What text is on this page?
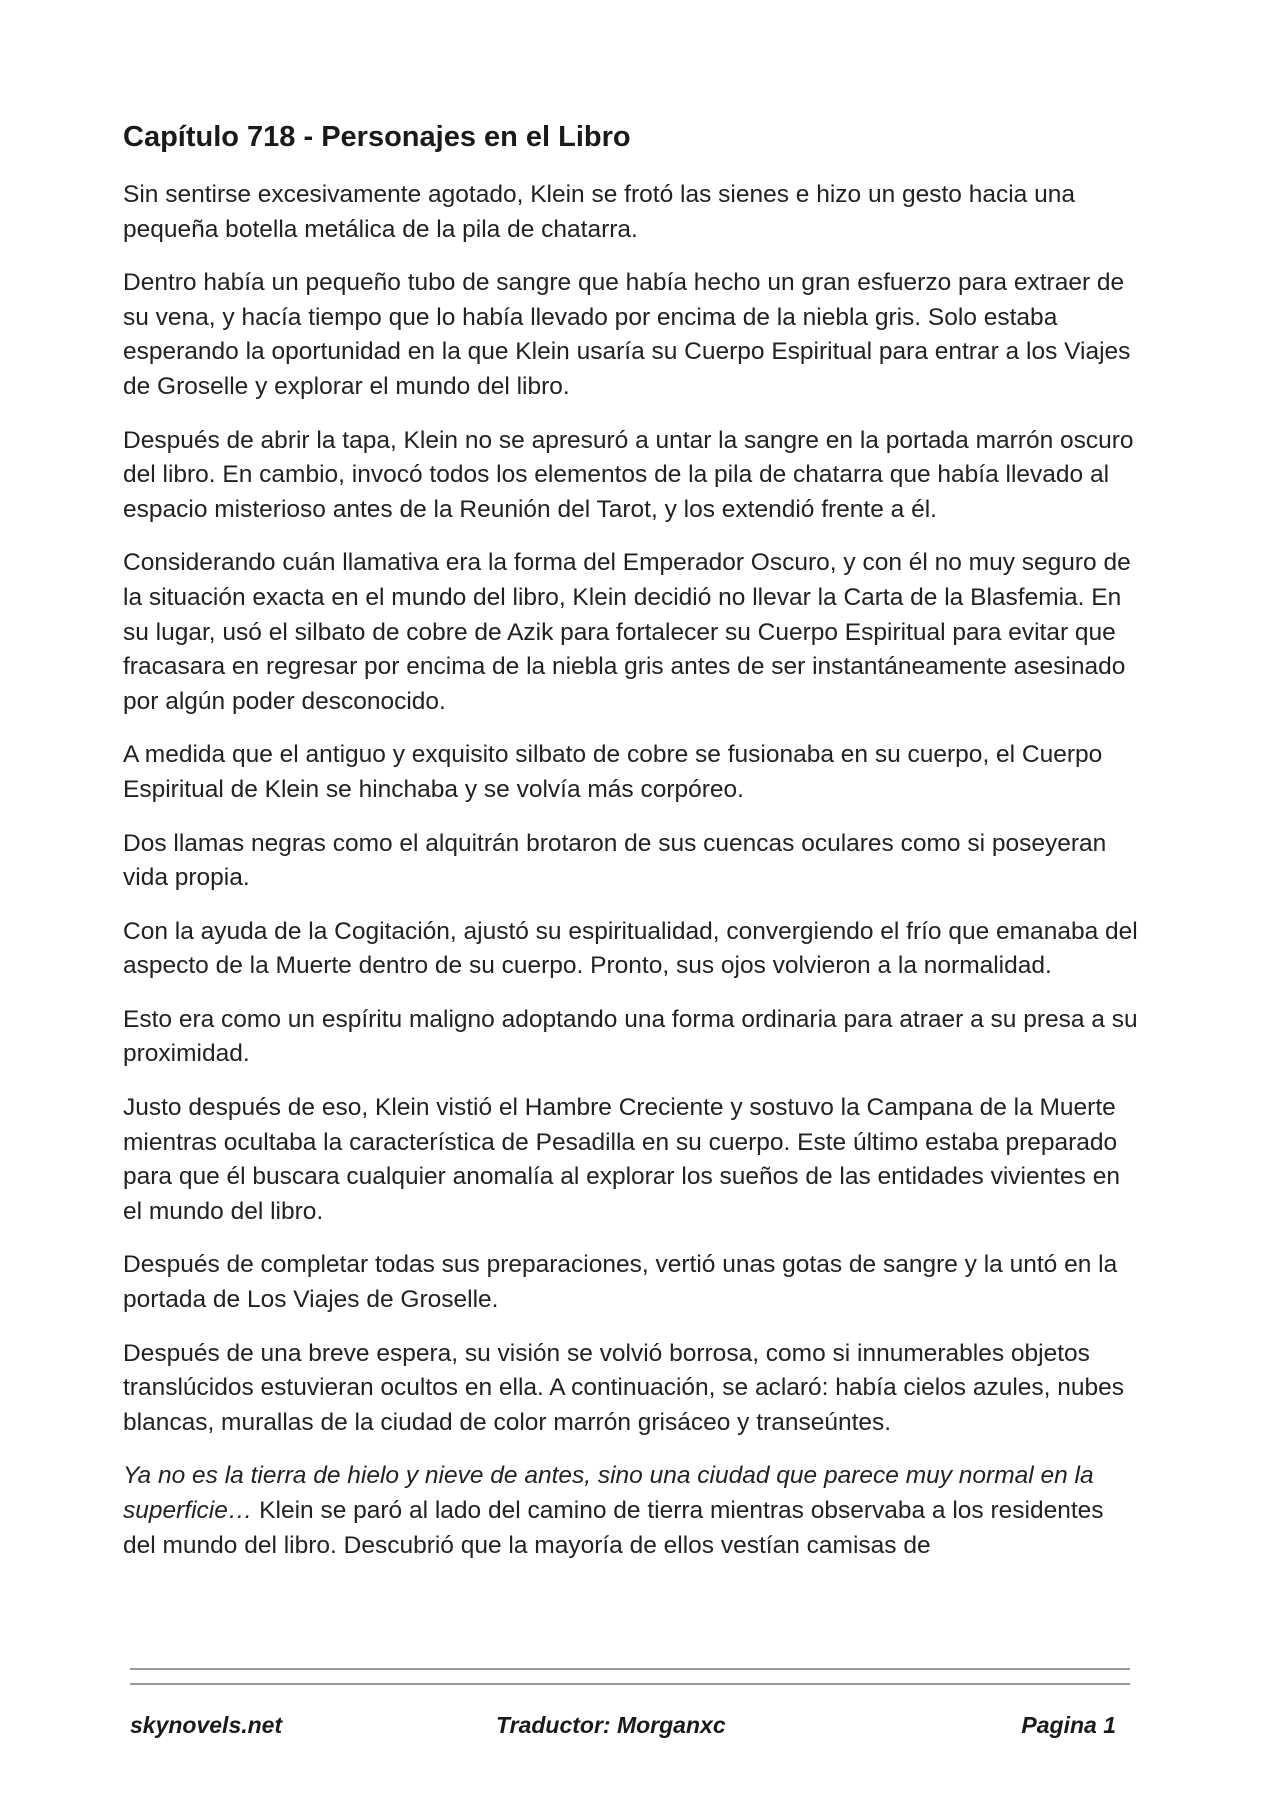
Capítulo 718 - Personajes en el Libro

Sin sentirse excesivamente agotado, Klein se frotó las sienes e hizo un gesto hacia una pequeña botella metálica de la pila de chatarra.

Dentro había un pequeño tubo de sangre que había hecho un gran esfuerzo para extraer de su vena, y hacía tiempo que lo había llevado por encima de la niebla gris. Solo estaba esperando la oportunidad en la que Klein usaría su Cuerpo Espiritual para entrar a los Viajes de Groselle y explorar el mundo del libro.

Después de abrir la tapa, Klein no se apresuró a untar la sangre en la portada marrón oscuro del libro. En cambio, invocó todos los elementos de la pila de chatarra que había llevado al espacio misterioso antes de la Reunión del Tarot, y los extendió frente a él.

Considerando cuán llamativa era la forma del Emperador Oscuro, y con él no muy seguro de la situación exacta en el mundo del libro, Klein decidió no llevar la Carta de la Blasfemia. En su lugar, usó el silbato de cobre de Azik para fortalecer su Cuerpo Espiritual para evitar que fracasara en regresar por encima de la niebla gris antes de ser instantáneamente asesinado por algún poder desconocido.

A medida que el antiguo y exquisito silbato de cobre se fusionaba en su cuerpo, el Cuerpo Espiritual de Klein se hinchaba y se volvía más corpóreo.

Dos llamas negras como el alquitrán brotaron de sus cuencas oculares como si poseyeran vida propia.

Con la ayuda de la Cogitación, ajustó su espiritualidad, convergiendo el frío que emanaba del aspecto de la Muerte dentro de su cuerpo. Pronto, sus ojos volvieron a la normalidad.

Esto era como un espíritu maligno adoptando una forma ordinaria para atraer a su presa a su proximidad.

Justo después de eso, Klein vistió el Hambre Creciente y sostuvo la Campana de la Muerte mientras ocultaba la característica de Pesadilla en su cuerpo. Este último estaba preparado para que él buscara cualquier anomalía al explorar los sueños de las entidades vivientes en el mundo del libro.

Después de completar todas sus preparaciones, vertió unas gotas de sangre y la untó en la portada de Los Viajes de Groselle.

Después de una breve espera, su visión se volvió borrosa, como si innumerables objetos translúcidos estuvieran ocultos en ella. A continuación, se aclaró: había cielos azules, nubes blancas, murallas de la ciudad de color marrón grisáceo y transeúntes.

Ya no es la tierra de hielo y nieve de antes, sino una ciudad que parece muy normal en la superficie… Klein se paró al lado del camino de tierra mientras observaba a los residentes del mundo del libro. Descubrió que la mayoría de ellos vestían camisas de

skynovels.net	Traductor: Morganxc	Pagina 1
